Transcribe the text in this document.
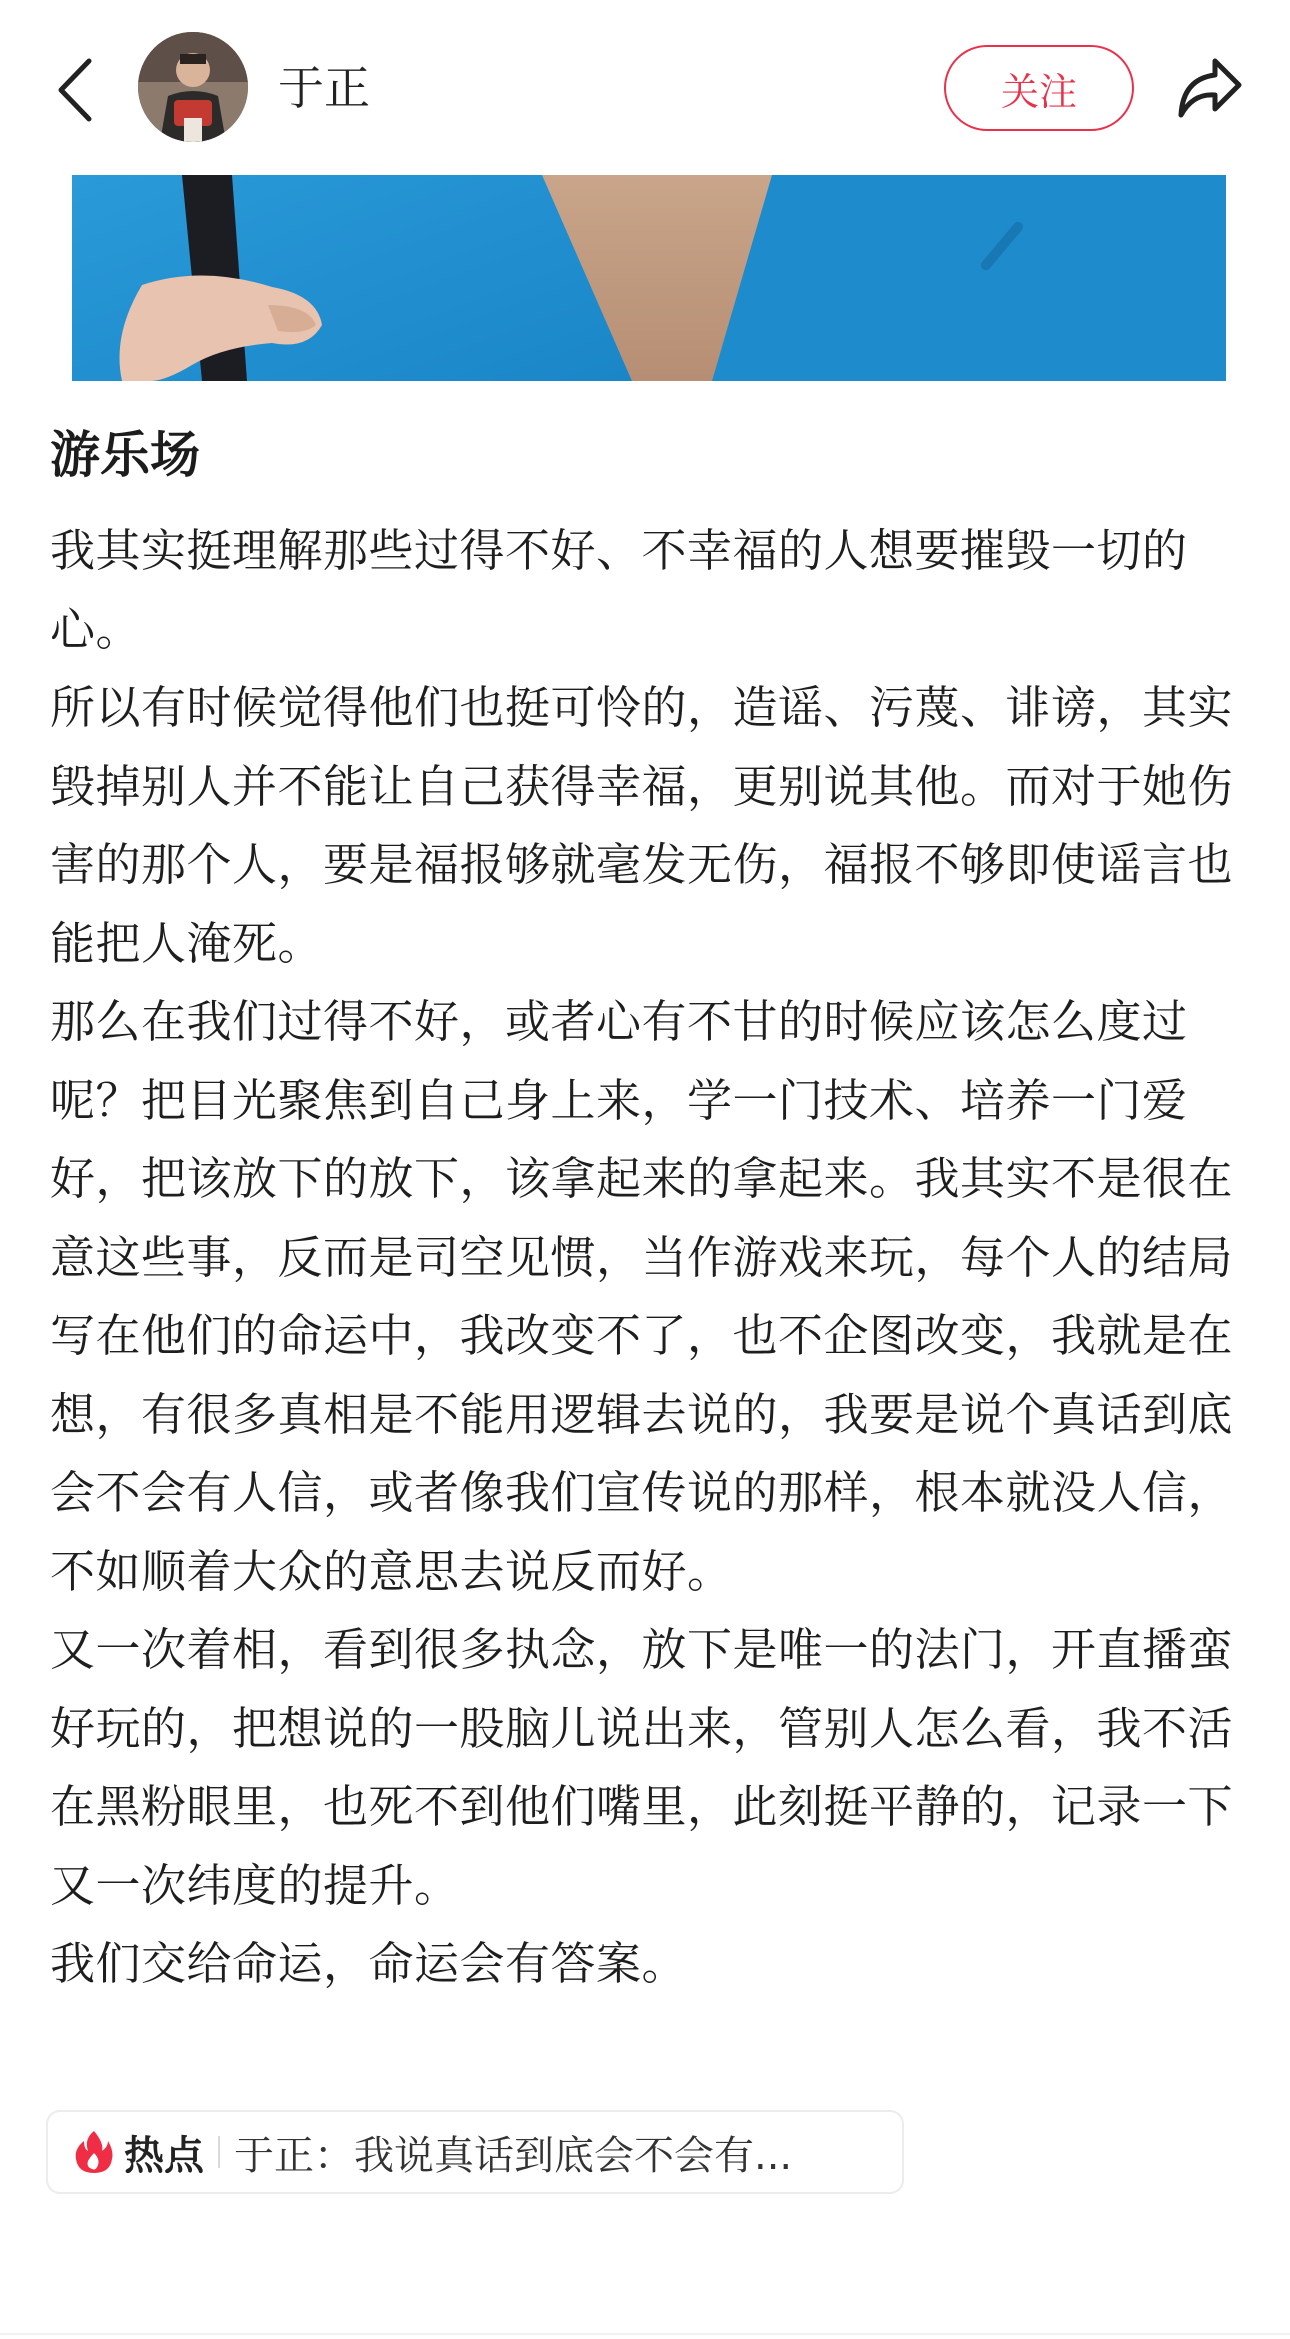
于正	关注
游乐场

我其实挺理解那些过得不好、不幸福的人想要摧毁一切的心。

所以有时候觉得他们也挺可怜的，造谣、污蔑、诽谤，其实毁掉别人并不能让自己获得幸福，更别说其他。而对于她伤害的那个人，要是福报够就毫发无伤，福报不够即使谣言也能把人淹死。

那么在我们过得不好，或者心有不甘的时候应该怎么度过呢？把目光聚焦到自己身上来，学一门技术、培养一门爱好，把该放下的放下，该拿起来的拿起来。我其实不是很在意这些事，反而是司空见惯，当作游戏来玩，每个人的结局写在他们的命运中，我改变不了，也不企图改变，我就是在想，有很多真相是不能用逻辑去说的，我要是说个真话到底会不会有人信，或者像我们宣传说的那样，根本就没人信，不如顺着大众的意思去说反而好。

又一次着相，看到很多执念，放下是唯一的法门，开直播蛮好玩的，把想说的一股脑儿说出来，管别人怎么看，我不活在黑粉眼里，也死不到他们嘴里，此刻挺平静的，记录一下又一次纬度的提升。

我们交给命运，命运会有答案。

热点 于正：我说真话到底会不会有...
